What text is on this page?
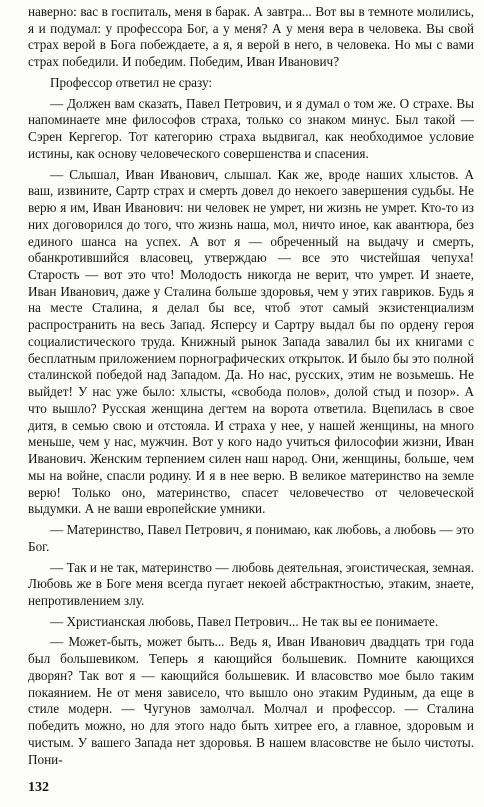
наверно: вас в госпиталь, меня в барак. А завтра... Вот вы в темноте молились, я и подумал: у профессора Бог, а у меня? А у меня вера в человека. Вы свой страх верой в Бога побеждаете, а я, я верой в него, в человека. Но мы с вами страх победили. И победим. Победим, Иван Иванович?

Профессор ответил не сразу:

— Должен вам сказать, Павел Петрович, и я думал о том же. О страхе. Вы напоминаете мне философов страха, только со знаком минус. Был такой — Сэрен Кергегор. Тот категорию страха выдвигал, как необходимое условие истины, как основу человеческого совершенства и спасения.

— Слышал, Иван Иванович, слышал. Как же, вроде наших хлыстов. А ваш, извините, Сартр страх и смерть довел до некоего завершения судьбы. Не верю я им, Иван Иванович: ни человек не умрет, ни жизнь не умрет. Кто-то из них договорился до того, что жизнь наша, мол, ничто иное, как авантюра, без единого шанса на успех. А вот я — обреченный на выдачу и смерть, обанкротившийся власовец, утверждаю — все это чистейшая чепуха! Старость — вот это что! Молодость никогда не верит, что умрет. И знаете, Иван Иванович, даже у Сталина больше здоровья, чем у этих гавриков. Будь я на месте Сталина, я делал бы все, чтоб этот самый экзистенциализм распространить на весь Запад. Ясперсу и Сартру выдал бы по ордену героя социалистического труда. Книжный рынок Запада завалил бы их книгами с бесплатным приложением порнографических открыток. И было бы это полной сталинской победой над Западом. Да. Но нас, русских, этим не возьмешь. Не выйдет! У нас уже было: хлысты, «свобода полов», долой стыд и позор». А что вышло? Русская женщина дегтем на ворота ответила. Вцепилась в свое дитя, в семью свою и отстояла. И страха у нее, у нашей женщины, на много меньше, чем у нас, мужчин. Вот у кого надо учиться философии жизни, Иван Иванович. Женским терпением силен наш народ. Они, женщины, больше, чем мы на войне, спасли родину. И я в нее верю. В великое материнство на земле верю! Только оно, материнство, спасет человечество от человеческой выдумки. А не ваши европейские умники.

— Материнство, Павел Петрович, я понимаю, как любовь, а любовь — это Бог.

— Так и не так, материнство — любовь деятельная, эгоистическая, земная. Любовь же в Боге меня всегда пугает некоей абстрактностью, этаким, знаете, непротивлением злу.

— Христианская любовь, Павел Петрович... Не так вы ее понимаете.

— Может-быть, может быть... Ведь я, Иван Иванович двадцать три года был большевиком. Теперь я кающийся большевик. Помните кающихся дворян? Так вот я — кающийся большевик. И власовство мое было таким покаянием. Не от меня зависело, что вышло оно этаким Рудиным, да еще в стиле модерн. — Чугунов замолчал. Молчал и профессор. — Сталина победить можно, но для этого надо быть хитрее его, а главное, здоровым и чистым. У вашего Запада нет здоровья. В нашем власовстве не было чистоты. Пони-

132
